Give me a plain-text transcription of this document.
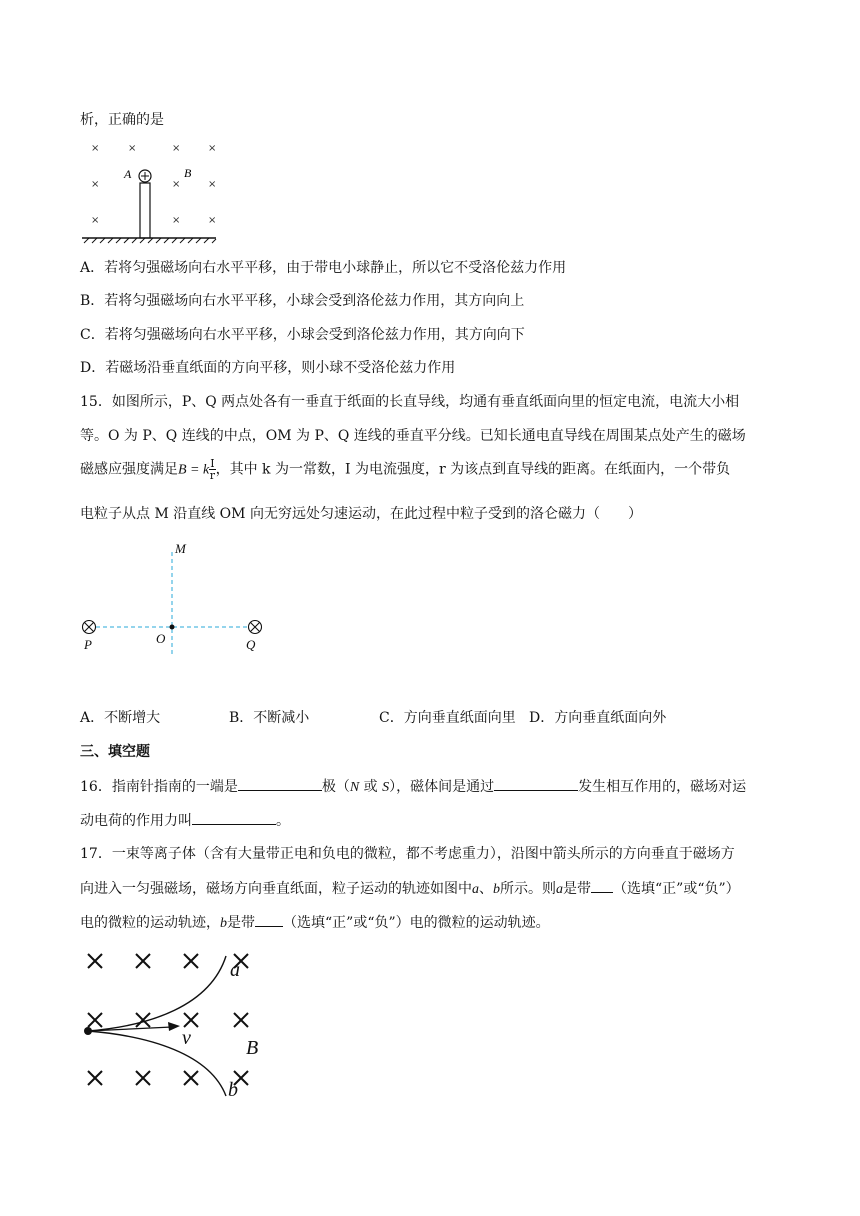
析，正确的是
×	×	×	×
×	×	×
×	×	×
A	B
A．若将匀强磁场向右水平平移，由于带电小球静止，所以它不受洛伦兹力作用
B．若将匀强磁场向右水平平移，小球会受到洛伦兹力作用，其方向向上
C．若将匀强磁场向右水平平移，小球会受到洛伦兹力作用，其方向向下
D．若磁场沿垂直纸面的方向平移，则小球不受洛伦兹力作用
15．如图所示，P、Q 两点处各有一垂直于纸面的长直导线，均通有垂直纸面向里的恒定电流，电流大小相
等。O 为 P、Q 连线的中点，OM 为 P、Q 连线的垂直平分线。已知长通电直导线在周围某点处产生的磁场
磁感应强度满足B = k $\frac{I}{r}$ ，其中 k 为一常数，I 为电流强度，r 为该点到直导线的距离。在纸面内，一个带负
电粒子从点 M 沿直线 OM 向无穷远处匀速运动，在此过程中粒子受到的洛仑磁力（　　）
M
P	O	Q
A．不断增大	B．不断减小	C．方向垂直纸面向里 D．方向垂直纸面向外
三、填空题
16．指南针指南的一端是	极（N 或 S），磁体间是通过	发生相互作用的，磁场对运
动电荷的作用力叫	。
17．一束等离子体（含有大量带正电和负电的微粒，都不考虑重力），沿图中箭头所示的方向垂直于磁场方
向进入一匀强磁场，磁场方向垂直纸面，粒子运动的轨迹如图中a、b所示。则a是带 （选填“正”或“负”）
电的微粒的运动轨迹，b是带 （选填“正”或“负”）电的微粒的运动轨迹。
a
v	B
b
